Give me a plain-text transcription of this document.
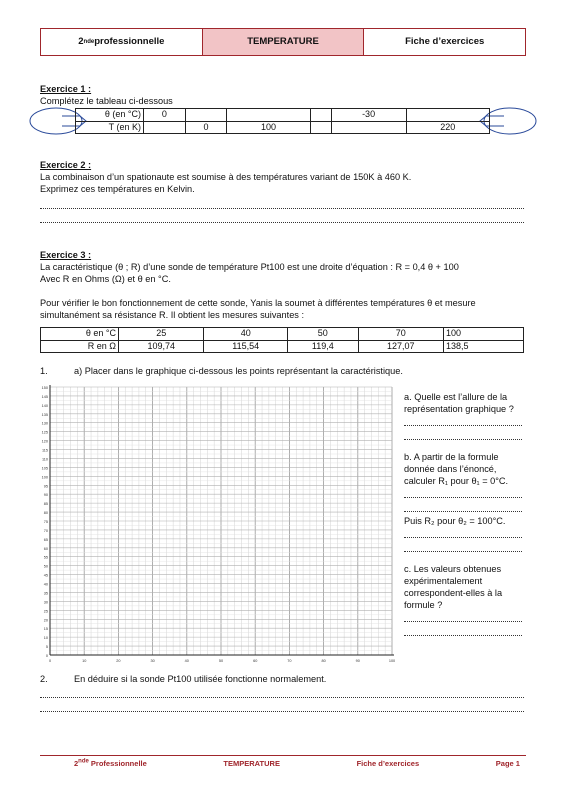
2 nde professionnelle	TEMPERATURE	Fiche d’exercices
Exercice 1 :
Complétez le tableau ci-dessous
θ (en °C)	0				-30	
T (en K)		0	100			220
Exercice 2 :
La combinaison d’un spationaute est soumise à des températures variant de 150K à 460 K.
Exprimez ces températures en Kelvin.
Exercice 3 :
La caractéristique (θ ; R) d’une sonde de température Pt100 est une droite d’équation : R = 0,4 θ + 100
Avec R en Ohms (Ω) et θ en °C.
Pour vérifier le bon fonctionnement de cette sonde, Yanis la soumet à différentes températures θ et mesure
simultanément sa résistance R. Il obtient les mesures suivantes :
θ en °C	25	40	50	70	100
R en Ω	109,74	115,54	119,4	127,07	138,5
1.	a) Placer dans le graphique ci-dessous les points représentant la caractéristique.
0
5
10
15
20
25
30
35
40
45
50
55
60
65
70
75
80
85
90
95
100
105
110
115
120
125
130
135
140
145
150
0	10	20	30	40	50	60	70	80	90	100
a. Quelle est l’allure de la représentation graphique ?
b. A partir de la formule donnée dans l’énoncé, calculer R₁ pour θ₁ = 0°C.
Puis R₂ pour θ₂ = 100°C.
c. Les valeurs obtenues expérimentalement correspondent-elles à la formule ?
2.	En déduire si la sonde Pt100 utilisée fonctionne normalement.
2nde Professionnelle	TEMPERATURE	Fiche d’exercices	Page 1
